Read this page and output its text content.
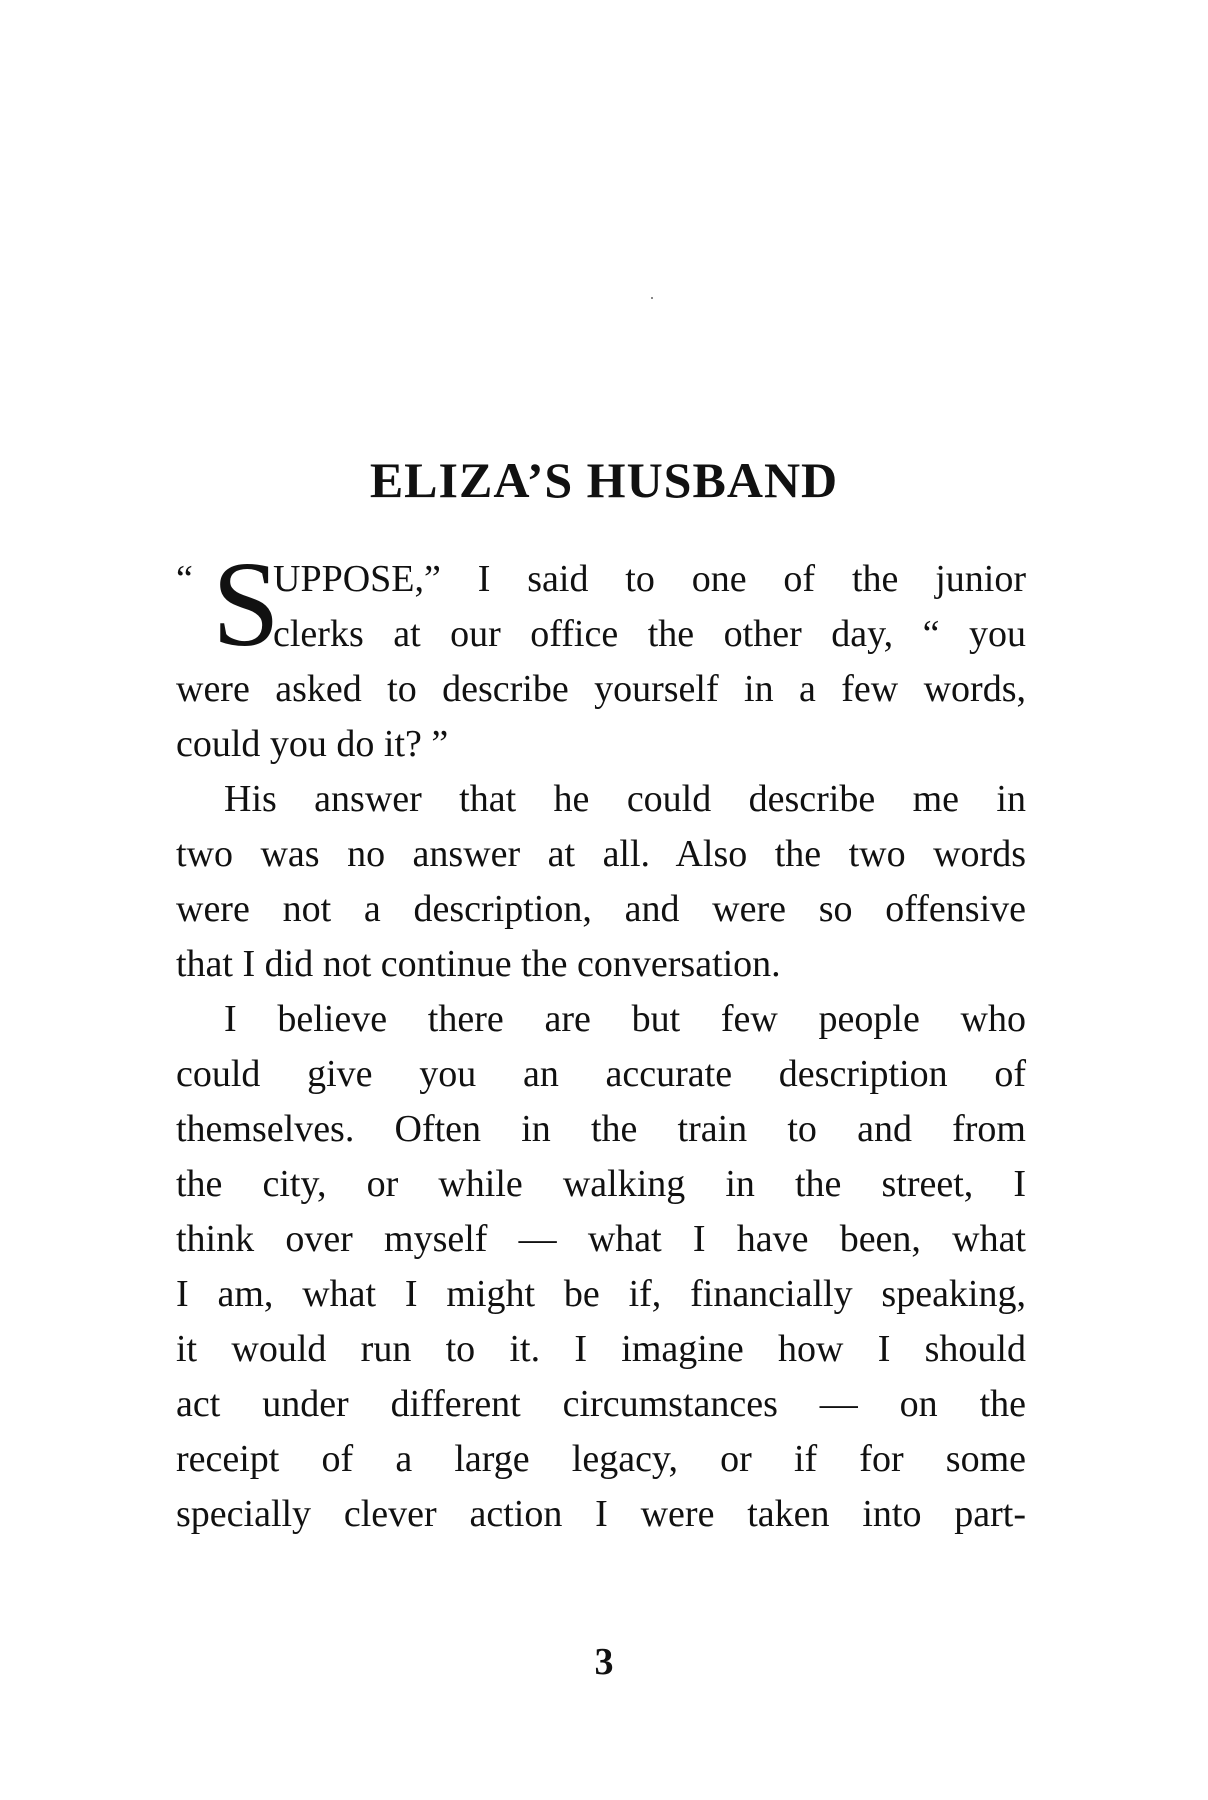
ELIZA’S HUSBAND
“ S
UPPOSE,” I said to one of the junior
clerks at our office the other day, “ you
were asked to describe yourself in a few words,
could you do it? ”
His answer that he could describe me in
two was no answer at all. Also the two words
were not a description, and were so offensive
that I did not continue the conversation.
I believe there are but few people who
could give you an accurate description of
themselves. Often in the train to and from
the city, or while walking in the street, I
think over myself — what I have been, what
I am, what I might be if, financially speaking,
it would run to it. I imagine how I should
act under different circumstances — on the
receipt of a large legacy, or if for some
specially clever action I were taken into part-
3
